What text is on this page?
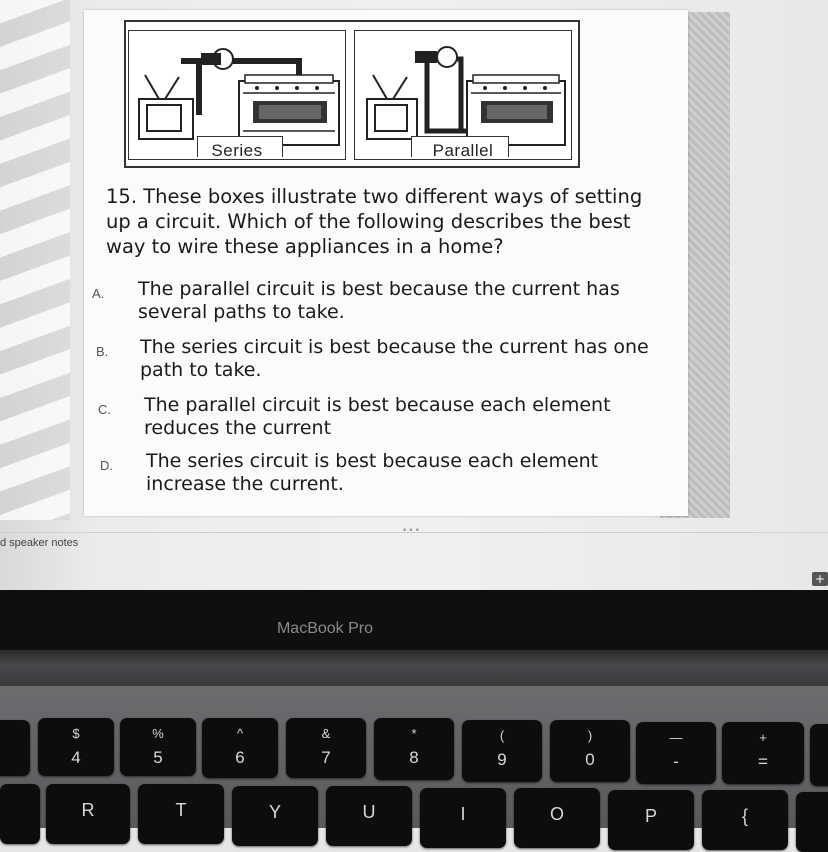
Series	Parallel
15. These boxes illustrate two different ways of setting up a circuit. Which of the following describes the best way to wire these appliances in a home?
A. The parallel circuit is best because the current has several paths to take.
B. The series circuit is best because the current has one path to take.
C. The parallel circuit is best because each element reduces the current
D. The series circuit is best because each element increase the current.
•••
d speaker notes
+
MacBook Pro
$
4
%
5
^
6
&
7
*
8
(
9
)
0
—
-
+
=
R	T	Y	U	I	O	P	{
